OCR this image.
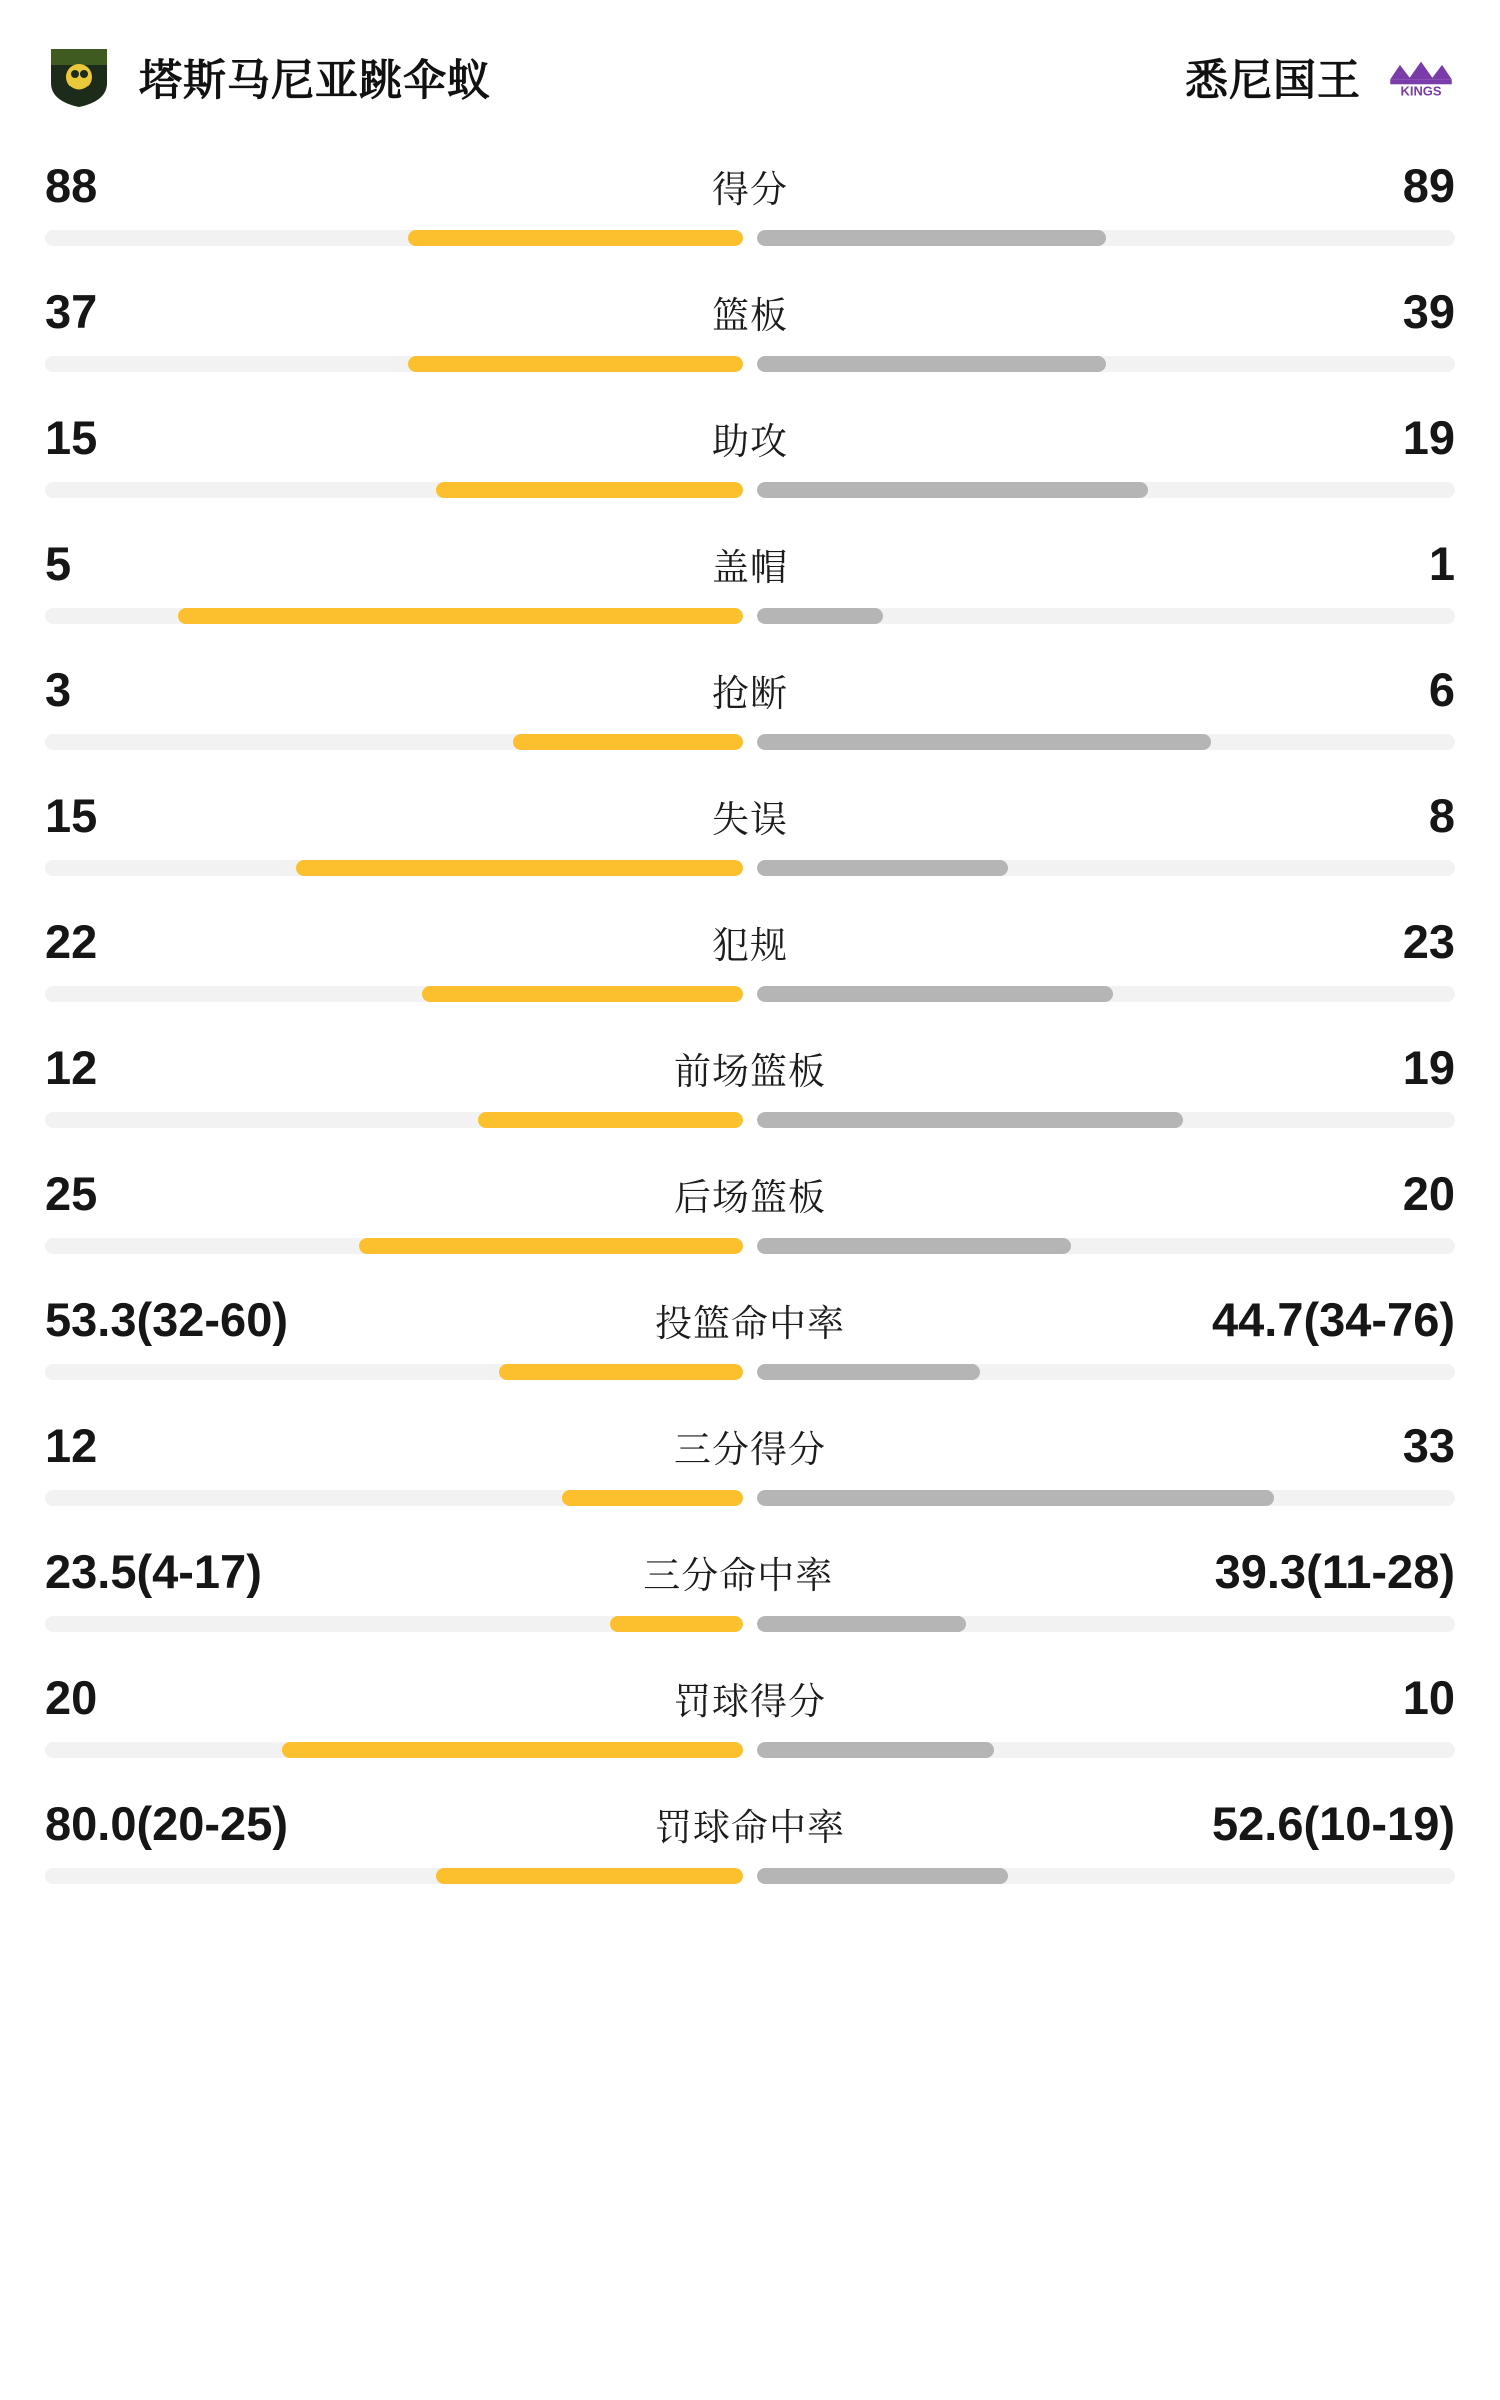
塔斯马尼亚跳伞蚁	KINGS
悉尼国王
88	得分	89
37	篮板	39
15	助攻	19
5	盖帽	1
3	抢断	6
15	失误	8
22	犯规	23
12	前场篮板	19
25	后场篮板	20
53.3(32-60)	投篮命中率	44.7(34-76)
12	三分得分	33
23.5(4-17)	三分命中率	39.3(11-28)
20	罚球得分	10
80.0(20-25)	罚球命中率	52.6(10-19)
